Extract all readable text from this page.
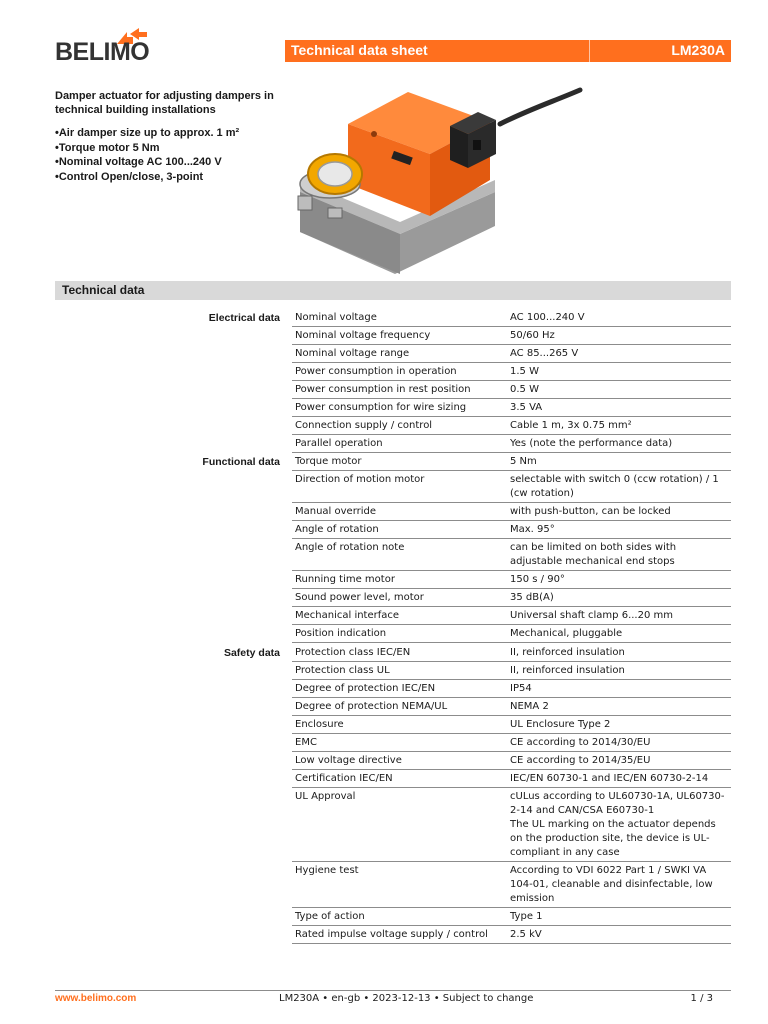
BELIMO	Technical data sheet	LM230A
Damper actuator for adjusting dampers in technical building installations
• Air damper size up to approx. 1 m²
• Torque motor 5 Nm
• Nominal voltage AC 100...240 V
• Control Open/close, 3-point
Technical data
Electrical data	Nominal voltage	AC 100...240 V
Nominal voltage frequency	50/60 Hz
Nominal voltage range	AC 85...265 V
Power consumption in operation	1.5 W
Power consumption in rest position	0.5 W
Power consumption for wire sizing	3.5 VA
Connection supply / control	Cable 1 m, 3x 0.75 mm²
Parallel operation	Yes (note the performance data)
Functional data	Torque motor	5 Nm
Direction of motion motor	selectable with switch 0 (ccw rotation) / 1 (cw rotation)
Manual override	with push-button, can be locked
Angle of rotation	Max. 95°
Angle of rotation note	can be limited on both sides with adjustable mechanical end stops
Running time motor	150 s / 90°
Sound power level, motor	35 dB(A)
Mechanical interface	Universal shaft clamp 6...20 mm
Position indication	Mechanical, pluggable
Safety data	Protection class IEC/EN	II, reinforced insulation
Protection class UL	II, reinforced insulation
Degree of protection IEC/EN	IP54
Degree of protection NEMA/UL	NEMA 2
Enclosure	UL Enclosure Type 2
EMC	CE according to 2014/30/EU
Low voltage directive	CE according to 2014/35/EU
Certification IEC/EN	IEC/EN 60730-1 and IEC/EN 60730-2-14
UL Approval	cULus according to UL60730-1A, UL60730-2-14 and CAN/CSA E60730-1
The UL marking on the actuator depends on the production site, the device is UL-compliant in any case
Hygiene test	According to VDI 6022 Part 1 / SWKI VA 104-01, cleanable and disinfectable, low emission
Type of action	Type 1
Rated impulse voltage supply / control	2.5 kV
www.belimo.com	LM230A • en-gb • 2023-12-13 • Subject to change	1 / 3
